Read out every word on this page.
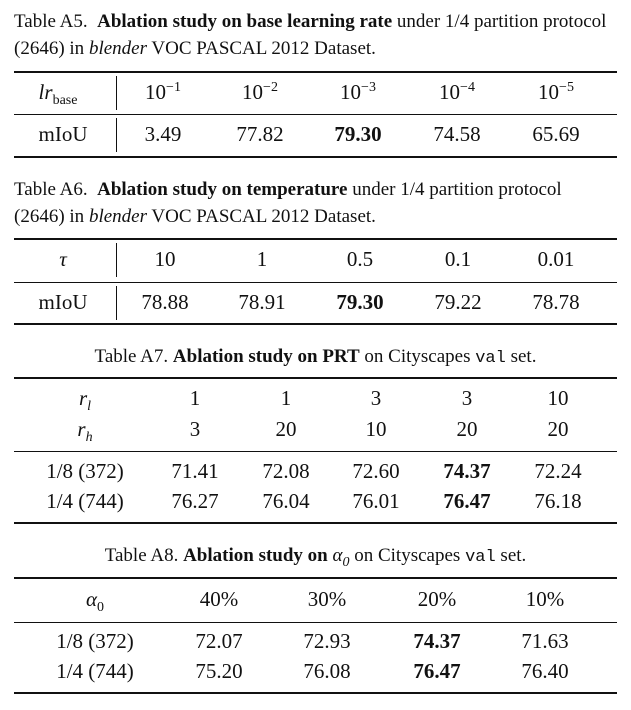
Table A5. Ablation study on base learning rate under 1/4 partition protocol (2646) in blender VOC PASCAL 2012 Dataset.
$lr_{base}$	$10^{-1}$	$10^{-2}$	$10^{-3}$	$10^{-4}$	$10^{-5}$
mIoU	3.49	77.82	79.30	74.58	65.69
Table A6. Ablation study on temperature under 1/4 partition protocol (2646) in blender VOC PASCAL 2012 Dataset.
τ	10	1	0.5	0.1	0.01
mIoU	78.88	78.91	79.30	79.22	78.78
Table A7. Ablation study on PRT on Cityscapes val set.
$r_l$	1	1	3	3	10
$r_h$	3	20	10	20	20
1/8 (372)	71.41	72.08	72.60	74.37	72.24
1/4 (744)	76.27	76.04	76.01	76.47	76.18
Table A8. Ablation study on $\alpha_0$ on Cityscapes val set.
$\alpha_0$	40%	30%	20%	10%
1/8 (372)	72.07	72.93	74.37	71.63
1/4 (744)	75.20	76.08	76.47	76.40
